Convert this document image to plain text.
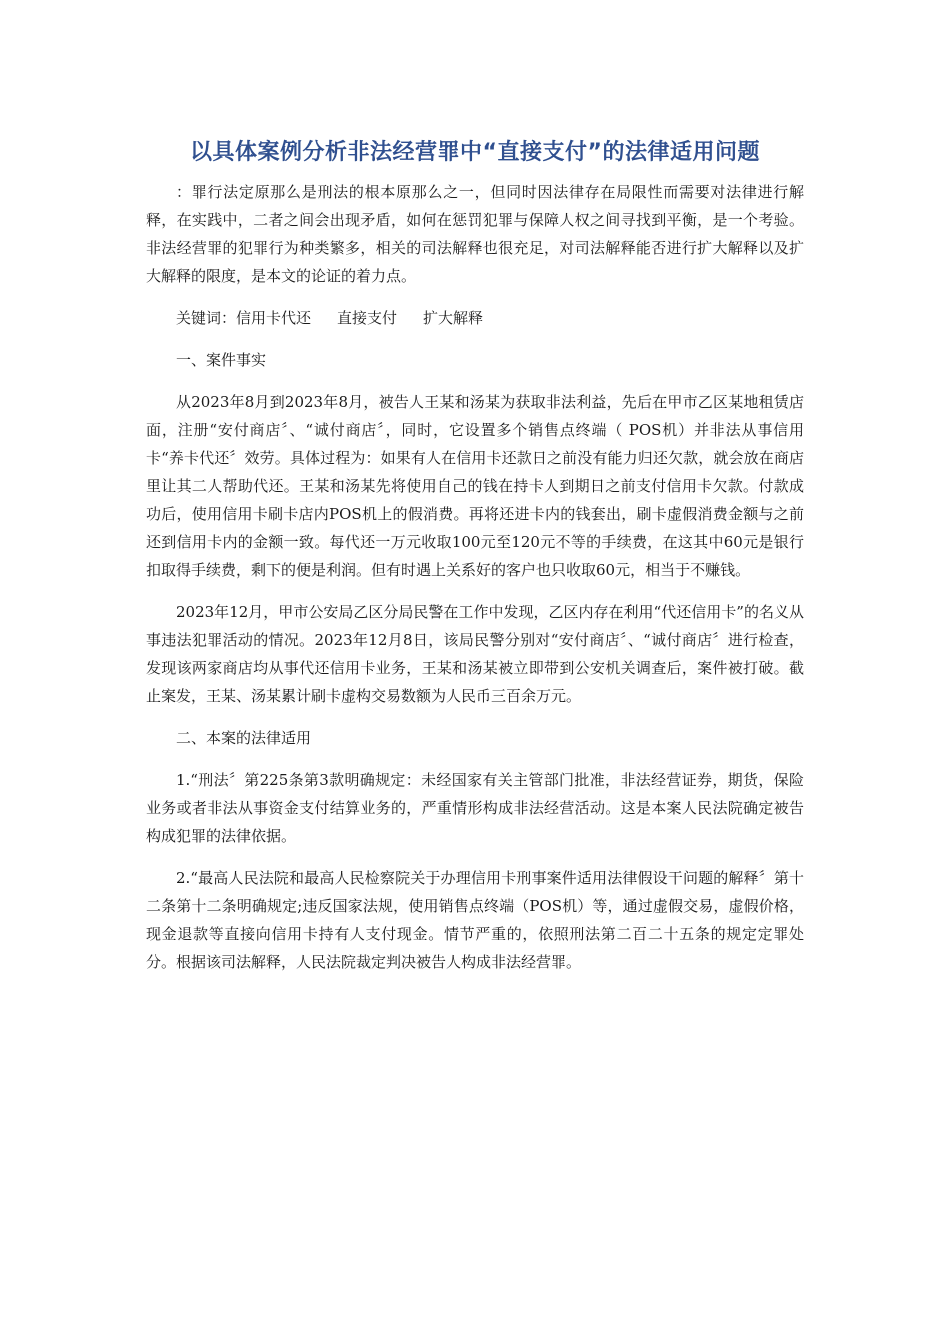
以具体案例分析非法经营罪中“直接支付”的法律适用问题

：罪行法定原那么是刑法的根本原那么之一，但同时因法律存在局限性而需要对法律进行解释，在实践中，二者之间会出现矛盾，如何在惩罚犯罪与保障人权之间寻找到平衡，是一个考验。非法经营罪的犯罪行为种类繁多，相关的司法解释也很充足，对司法解释能否进行扩大解释以及扩大解释的限度，是本文的论证的着力点。

关键词：信用卡代还 直接支付 扩大解释

一、案件事实

从2023年8月到2023年8月，被告人王某和汤某为获取非法利益，先后在甲市乙区某地租赁店面，注册“安付商店〞、“诚付商店〞，同时，它设置多个销售点终端（ POS机）并非法从事信用卡“养卡代还〞效劳。具体过程为：如果有人在信用卡还款日之前没有能力归还欠款，就会放在商店里让其二人帮助代还。王某和汤某先将使用自己的钱在持卡人到期日之前支付信用卡欠款。付款成功后，使用信用卡刷卡店内POS机上的假消费。再将还进卡内的钱套出，刷卡虚假消费金额与之前还到信用卡内的金额一致。每代还一万元收取100元至120元不等的手续费，在这其中60元是银行扣取得手续费，剩下的便是利润。但有时遇上关系好的客户也只收取60元，相当于不赚钱。

2023年12月，甲市公安局乙区分局民警在工作中发现，乙区内存在利用“代还信用卡”的名义从事违法犯罪活动的情况。2023年12月8日，该局民警分别对“安付商店〞、“诚付商店〞进行检查，发现该两家商店均从事代还信用卡业务，王某和汤某被立即带到公安机关调查后，案件被打破。截止案发，王某、汤某累计刷卡虚构交易数额为人民币三百余万元。

二、本案的法律适用

1.“刑法〞第225条第3款明确规定：未经国家有关主管部门批准，非法经营证券，期货，保险业务或者非法从事资金支付结算业务的，严重情形构成非法经营活动。这是本案人民法院确定被告构成犯罪的法律依据。

2.“最高人民法院和最高人民检察院关于办理信用卡刑事案件适用法律假设干问题的解释〞第十二条第十二条明确规定;违反国家法规，使用销售点终端（POS机）等，通过虚假交易，虚假价格，现金退款等直接向信用卡持有人支付现金。情节严重的，依照刑法第二百二十五条的规定定罪处分。根据该司法解释，人民法院裁定判决被告人构成非法经营罪。
